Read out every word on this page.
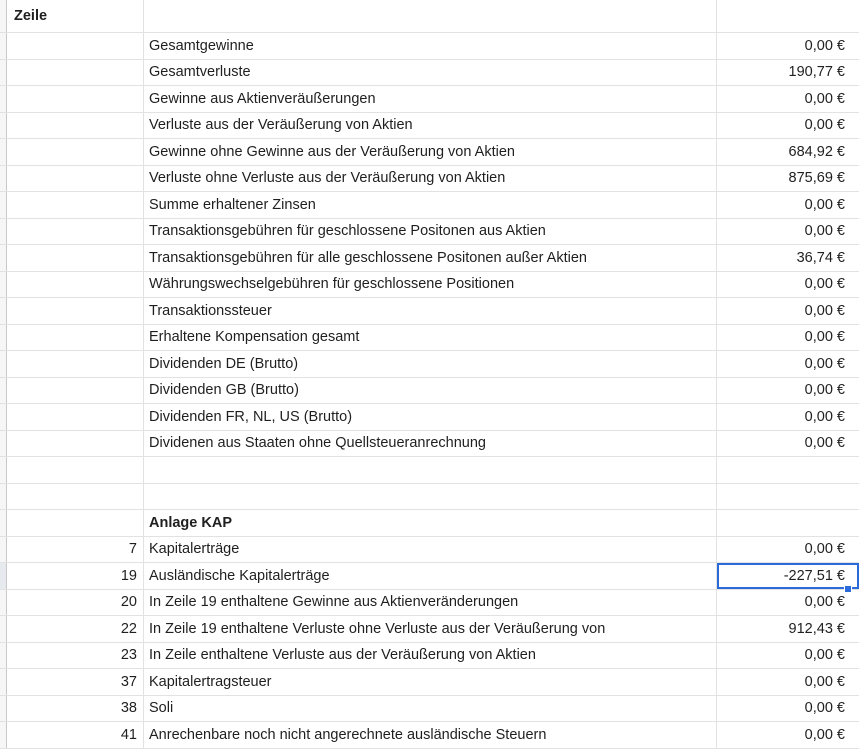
Zeile
Gesamtgewinne	0,00 €
Gesamtverluste	190,77 €
Gewinne aus Aktienveräußerungen	0,00 €
Verluste aus der Veräußerung von Aktien	0,00 €
Gewinne ohne Gewinne aus der Veräußerung von Aktien	684,92 €
Verluste ohne Verluste aus der Veräußerung von Aktien	875,69 €
Summe erhaltener Zinsen	0,00 €
Transaktionsgebühren für geschlossene Positonen aus Aktien	0,00 €
Transaktionsgebühren für alle geschlossene Positonen außer Aktien	36,74 €
Währungswechselgebühren für geschlossene Positionen	0,00 €
Transaktionssteuer	0,00 €
Erhaltene Kompensation gesamt	0,00 €
Dividenden DE (Brutto)	0,00 €
Dividenden GB (Brutto)	0,00 €
Dividenden FR, NL, US (Brutto)	0,00 €
Dividenen aus Staaten ohne Quellsteueranrechnung	0,00 €
Anlage KAP
7 Kapitalerträge	0,00 €
19 Ausländische Kapitalerträge	-227,51 €
20 In Zeile 19 enthaltene Gewinne aus Aktienveränderungen	0,00 €
22 In Zeile 19 enthaltene Verluste ohne Verluste aus der Veräußerung von	912,43 €
23 In Zeile enthaltene Verluste aus der Veräußerung von Aktien	0,00 €
37 Kapitalertragsteuer	0,00 €
38 Soli	0,00 €
41 Anrechenbare noch nicht angerechnete ausländische Steuern	0,00 €
